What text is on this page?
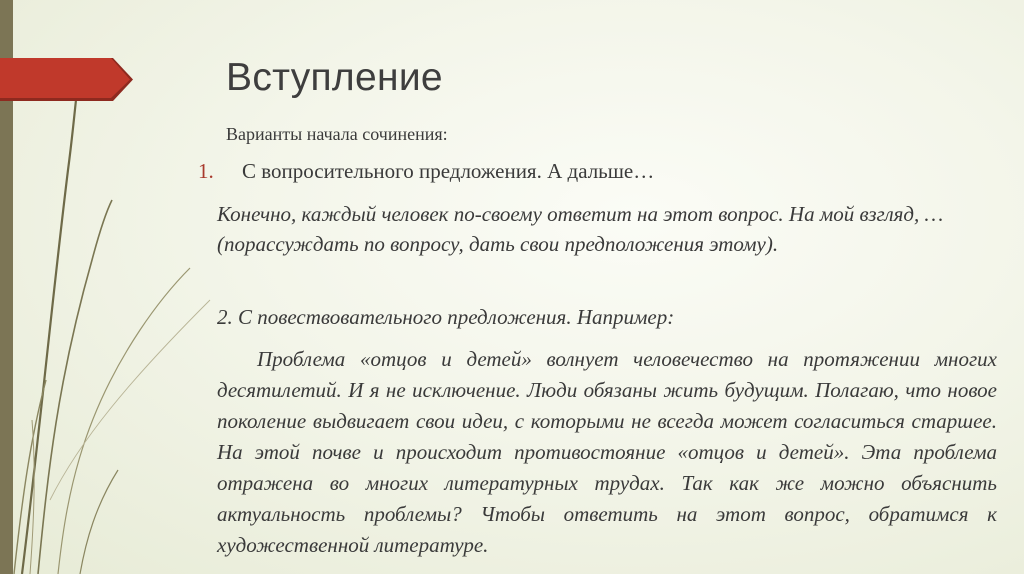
Вступление
Варианты начала сочинения:
1. С вопросительного предложения. А дальше…
Конечно, каждый человек по-своему ответит на этот вопрос. На мой взгляд, …(порассуждать по вопросу, дать свои предположения этому).
2. С повествовательного предложения. Например:
Проблема «отцов и детей» волнует человечество на протяжении многих десятилетий. И я не исключение. Люди обязаны жить будущим. Полагаю, что новое поколение выдвигает свои идеи, с которыми не всегда может согласиться старшее. На этой почве и происходит противостояние «отцов и детей». Эта проблема отражена во многих литературных трудах. Так как же можно объяснить актуальность проблемы? Чтобы ответить на этот вопрос, обратимся к художественной литературе.
